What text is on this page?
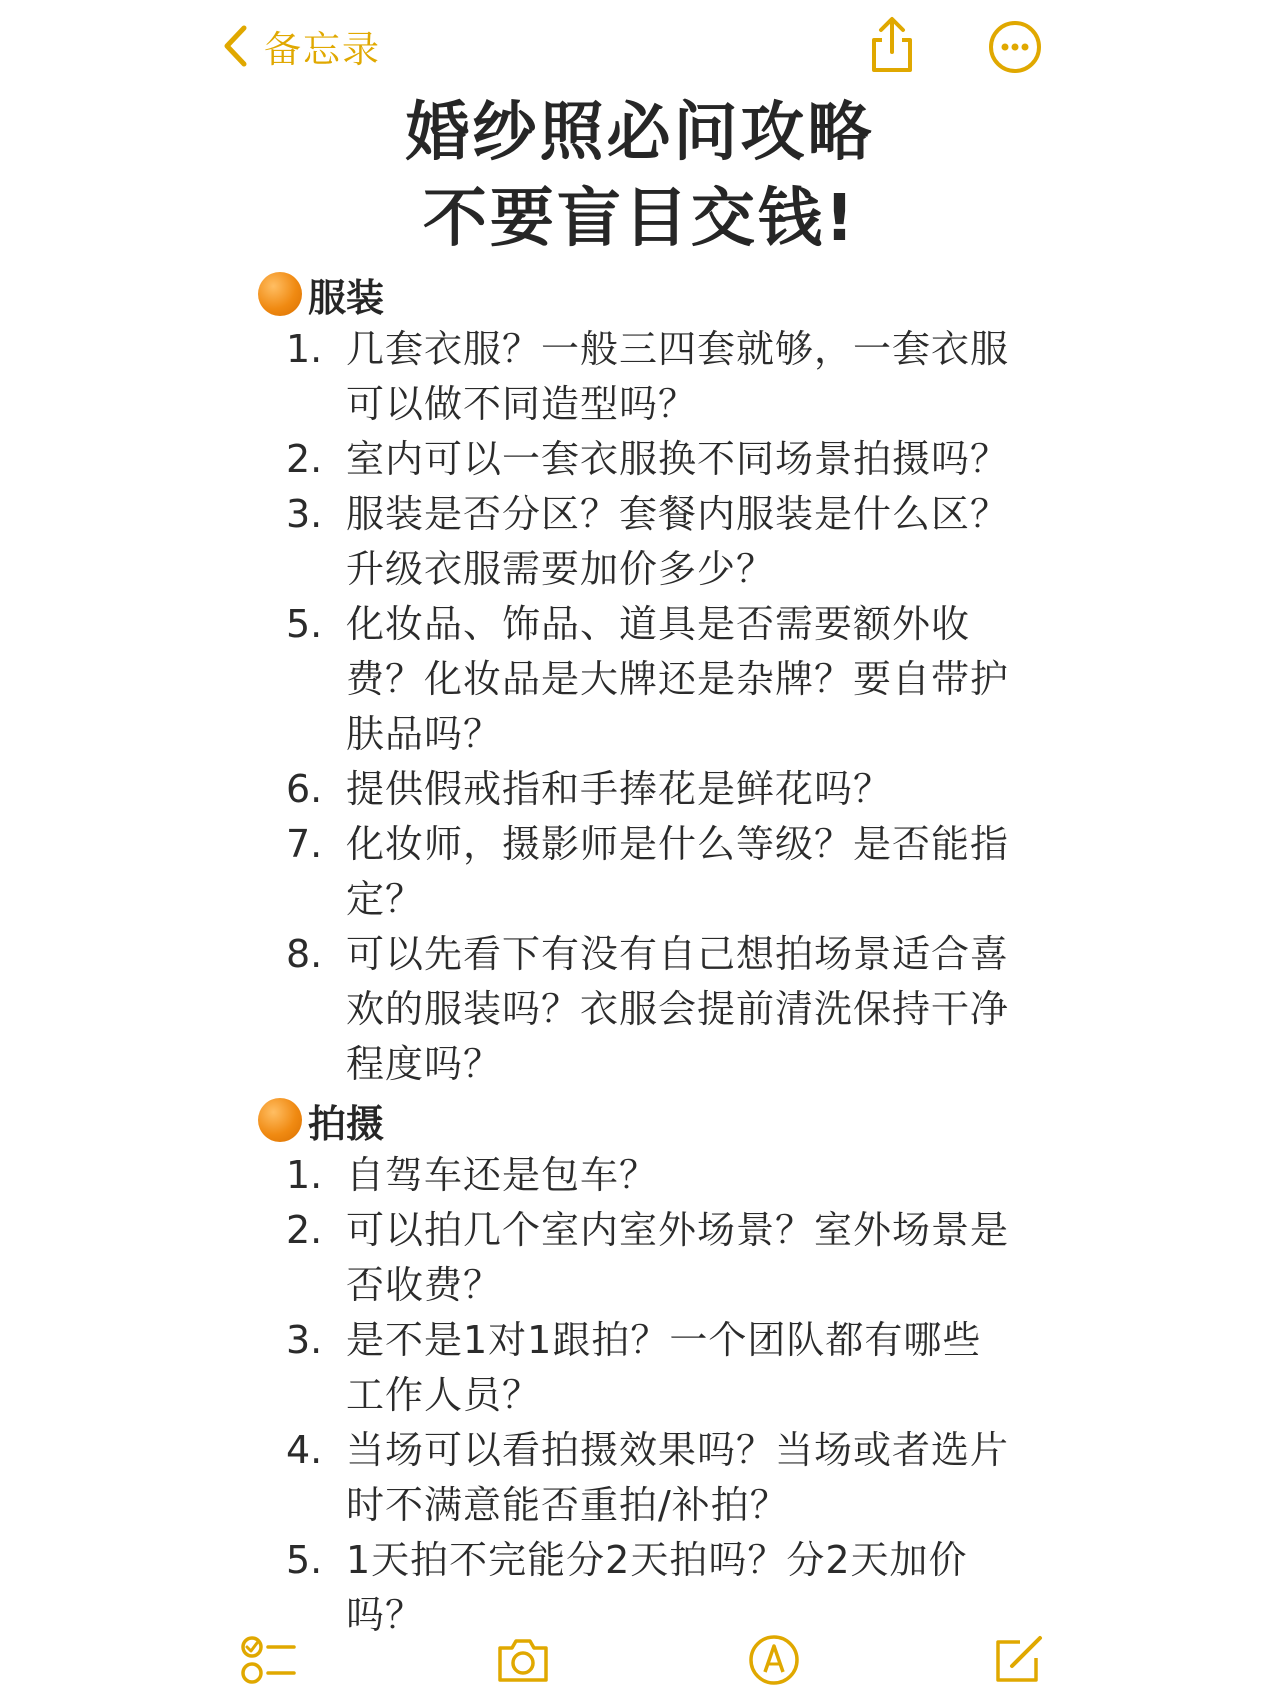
备忘录

婚纱照必问攻略

不要盲目交钱!

服装
1. 几套衣服？一般三四套就够，一套衣服可以做不同造型吗？
2. 室内可以一套衣服换不同场景拍摄吗？
3. 服装是否分区？套餐内服装是什么区？升级衣服需要加价多少？
5. 化妆品、饰品、道具是否需要额外收费？化妆品是大牌还是杂牌？要自带护肤品吗？
6. 提供假戒指和手捧花是鲜花吗？
7. 化妆师，摄影师是什么等级？是否能指定？
8. 可以先看下有没有自己想拍场景适合喜欢的服装吗？衣服会提前清洗保持干净程度吗？
拍摄
1. 自驾车还是包车？
2. 可以拍几个室内室外场景？室外场景是否收费？
3. 是不是1对1跟拍？一个团队都有哪些工作人员？
4. 当场可以看拍摄效果吗？当场或者选片时不满意能否重拍/补拍？
5. 1天拍不完能分2天拍吗？分2天加价吗？
